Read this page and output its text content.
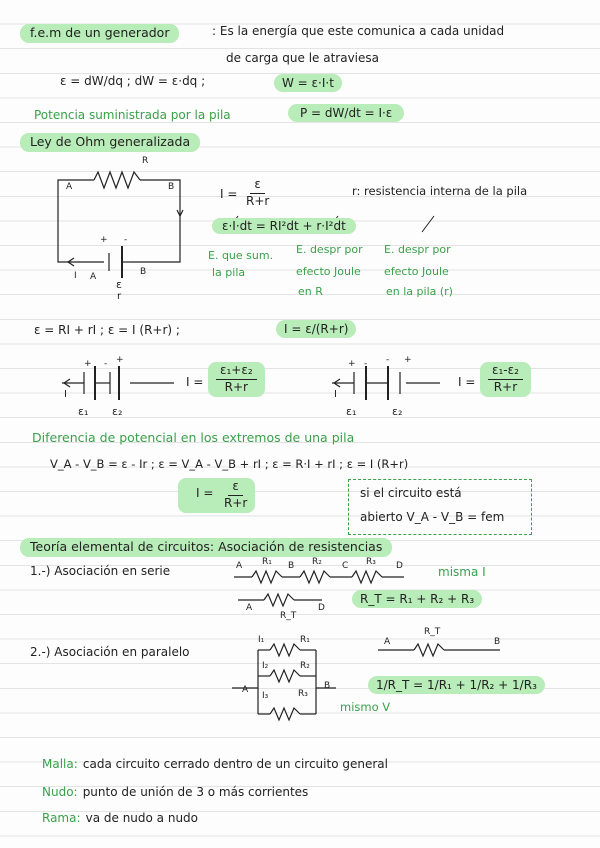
f.e.m de un generador	: Es la energía que este comunica a cada unidad
de carga que le atraviesa
ε = dW/dq ; dW = ε·dq ;	W = ε·I·t
Potencia suministrada por la pila	P = dW/dt = I·ε
Ley de Ohm generalizada
R
A	B
+ -
I A	B
ε
r
$I = \frac{\varepsilon}{R+r}$	r: resistencia interna de la pila
ε·I·dt = RI²dt + r·I²dt
E. que sum.
la pila
E. despr por
efecto Joule
en R
E. despr por
efecto Joule
en la pila (r)
ε = RI + rI ; ε = I (R+r) ;	I = ε/(R+r)
+ - +
I
ε₁ ε₂
$I = \frac{\text{ε₁+ε₂}}{R+r}$	+ - - +
I
ε₁	ε₂
$I = \frac{\text{ε₁-ε₂}}{R+r}$
Diferencia de potencial en los extremos de una pila
V_A - V_B = ε - Ir ; ε = V_A - V_B + rI ; ε = R·I + rI ; ε = I (R+r)
I =
$\frac{\varepsilon}{R+r}$	si el circuito está
abierto V_A - V_B = fem
Teoría elemental de circuitos: Asociación de resistencias
1.-) Asociación en serie	A R₁ B R₂ C R₃ D	misma I
A
R_T
D
R_T = R₁ + R₂ + R₃
2.-) Asociación en paralelo
I₁	R₁
I₂	R₂
A
I₃	R₃
B
A
R_T
B
1/R_T = 1/R₁ + 1/R₂ + 1/R₃
mismo V
Malla: cada circuito cerrado dentro de un circuito general
Nudo: punto de unión de 3 o más corrientes
Rama: va de nudo a nudo
